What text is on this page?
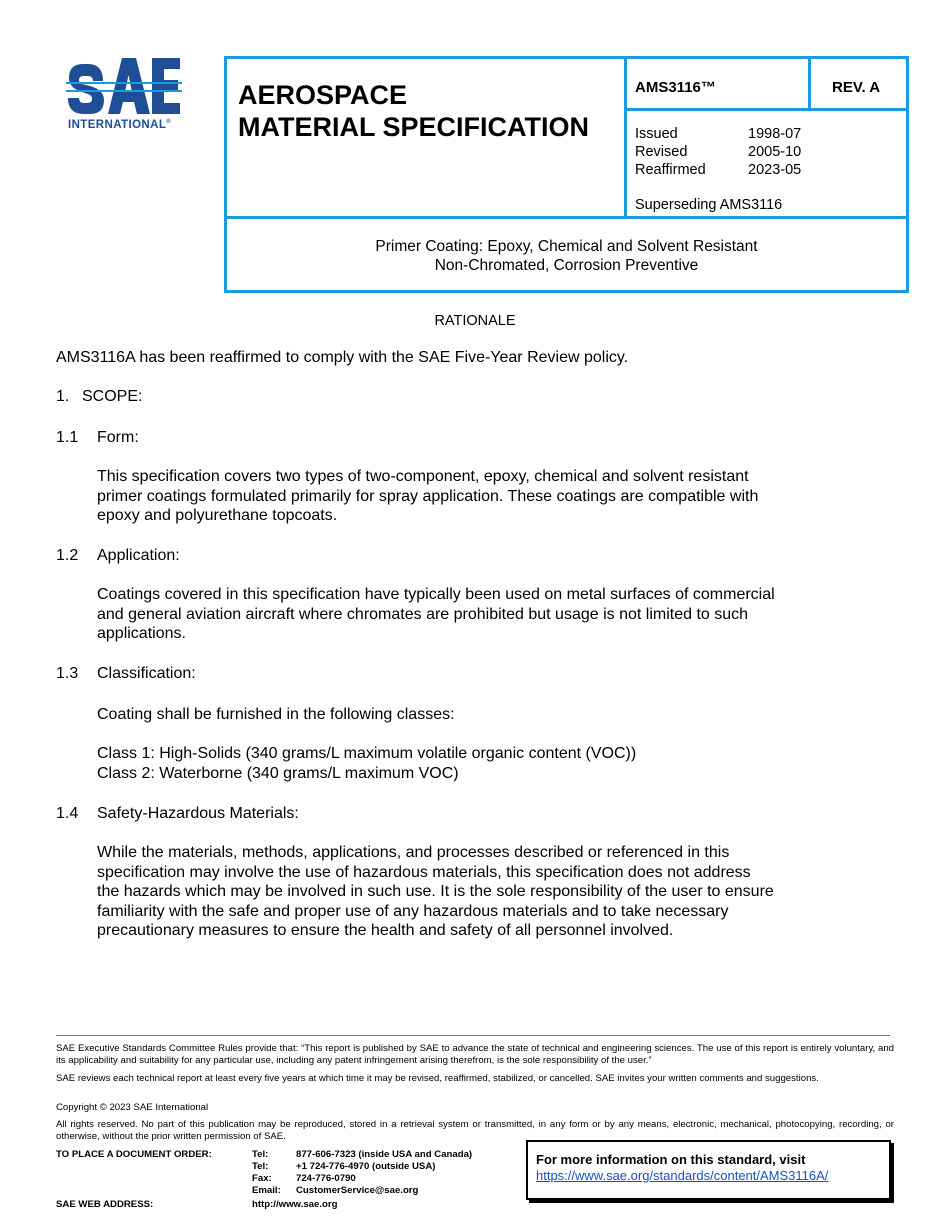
INTERNATIONAL®
AEROSPACE
MATERIAL SPECIFICATION
AMS3116™	REV. A
Issued	1998-07
Revised	2005-10
Reaffirmed	2023-05
Superseding AMS3116
Primer Coating: Epoxy, Chemical and Solvent Resistant
Non-Chromated, Corrosion Preventive
RATIONALE
AMS3116A has been reaffirmed to comply with the SAE Five-Year Review policy.
1. SCOPE:
1.1 Form:
This specification covers two types of two-component, epoxy, chemical and solvent resistant
primer coatings formulated primarily for spray application. These coatings are compatible with
epoxy and polyurethane topcoats.
1.2 Application:
Coatings covered in this specification have typically been used on metal surfaces of commercial
and general aviation aircraft where chromates are prohibited but usage is not limited to such
applications.
1.3 Classification:
Coating shall be furnished in the following classes:
Class 1: High-Solids (340 grams/L maximum volatile organic content (VOC))
Class 2: Waterborne (340 grams/L maximum VOC)
1.4 Safety-Hazardous Materials:
While the materials, methods, applications, and processes described or referenced in this
specification may involve the use of hazardous materials, this specification does not address
the hazards which may be involved in such use. It is the sole responsibility of the user to ensure
familiarity with the safe and proper use of any hazardous materials and to take necessary
precautionary measures to ensure the health and safety of all personnel involved.
SAE Executive Standards Committee Rules provide that: “This report is published by SAE to advance the state of technical and engineering sciences. The use of this report is entirely voluntary, and its applicability and suitability for any particular use, including any patent infringement arising therefrom, is the sole responsibility of the user.”
SAE reviews each technical report at least every five years at which time it may be revised, reaffirmed, stabilized, or cancelled. SAE invites your written comments and suggestions.
Copyright © 2023 SAE International
All rights reserved. No part of this publication may be reproduced, stored in a retrieval system or transmitted, in any form or by any means, electronic, mechanical, photocopying, recording, or otherwise, without the prior written permission of SAE.
TO PLACE A DOCUMENT ORDER:	Tel:	877-606-7323 (inside USA and Canada)
Tel:	+1 724-776-4970 (outside USA)
Fax:	724-776-0790
Email: CustomerService@sae.org
SAE WEB ADDRESS:	http://www.sae.org
For more information on this standard, visit
https://www.sae.org/standards/content/AMS3116A/
